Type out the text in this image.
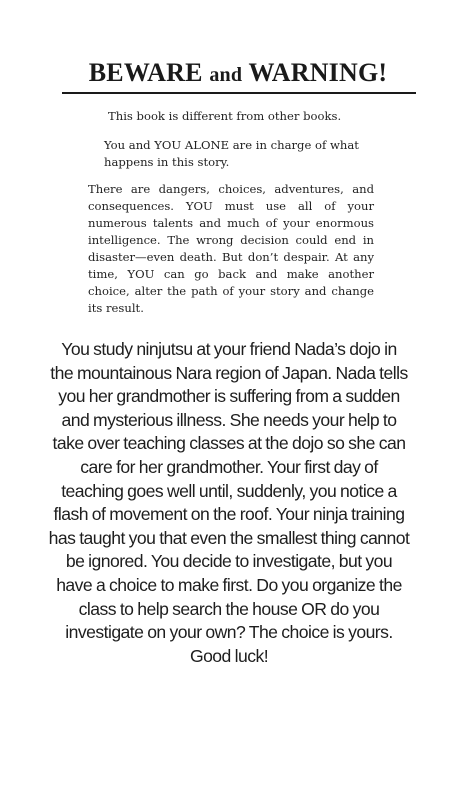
BEWARE and WARNING!

This book is different from other books.

You and YOU ALONE are in charge of what happens in this story.

There are dangers, choices, adventures, and consequences. YOU must use all of your numerous talents and much of your enormous intelligence. The wrong decision could end in disaster—even death. But don’t despair. At any time, YOU can go back and make another choice, alter the path of your story and change its result.

You study ninjutsu at your friend Nada’s dojo in the mountainous Nara region of Japan. Nada tells you her grandmother is suffering from a sudden and mysterious illness. She needs your help to take over teaching classes at the dojo so she can care for her grandmother. Your first day of teaching goes well until, suddenly, you notice a flash of movement on the roof. Your ninja training has taught you that even the smallest thing cannot be ignored. You decide to investigate, but you have a choice to make first. Do you organize the class to help search the house OR do you investigate on your own? The choice is yours. Good luck!
